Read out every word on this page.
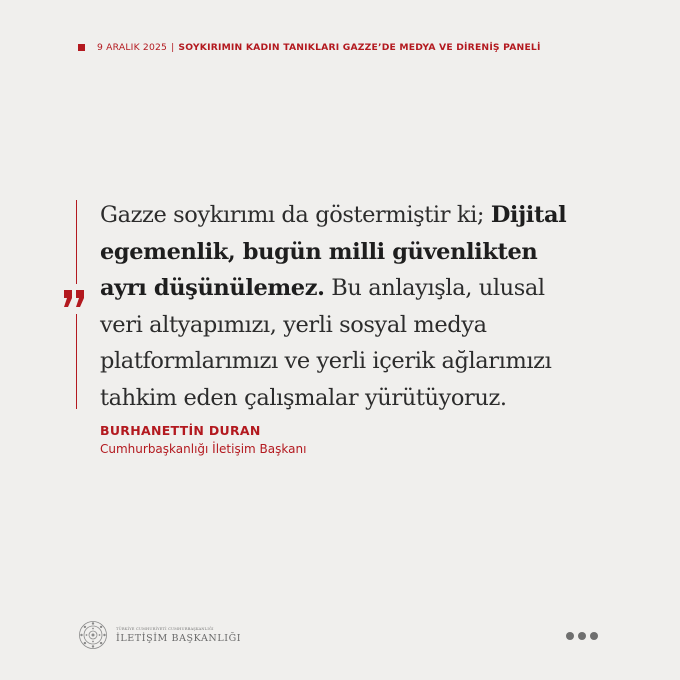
9 ARALIK 2025 | SOYKIRIMIN KADIN TANIKLARI GAZZE’DE MEDYA VE DİRENİŞ PANELİ
Gazze soykırımı da göstermiştir ki; Dijital
egemenlik, bugün milli güvenlikten
ayrı düşünülemez. Bu anlayışla, ulusal
veri altyapımızı, yerli sosyal medya
platformlarımızı ve yerli içerik ağlarımızı
tahkim eden çalışmalar yürütüyoruz.
BURHANETTİN DURAN
Cumhurbaşkanlığı İletişim Başkanı
TÜRKİYE CUMHURİYETİ CUMHURBAŞKANLIĞI
İLETİŞİM BAŞKANLIĞI
